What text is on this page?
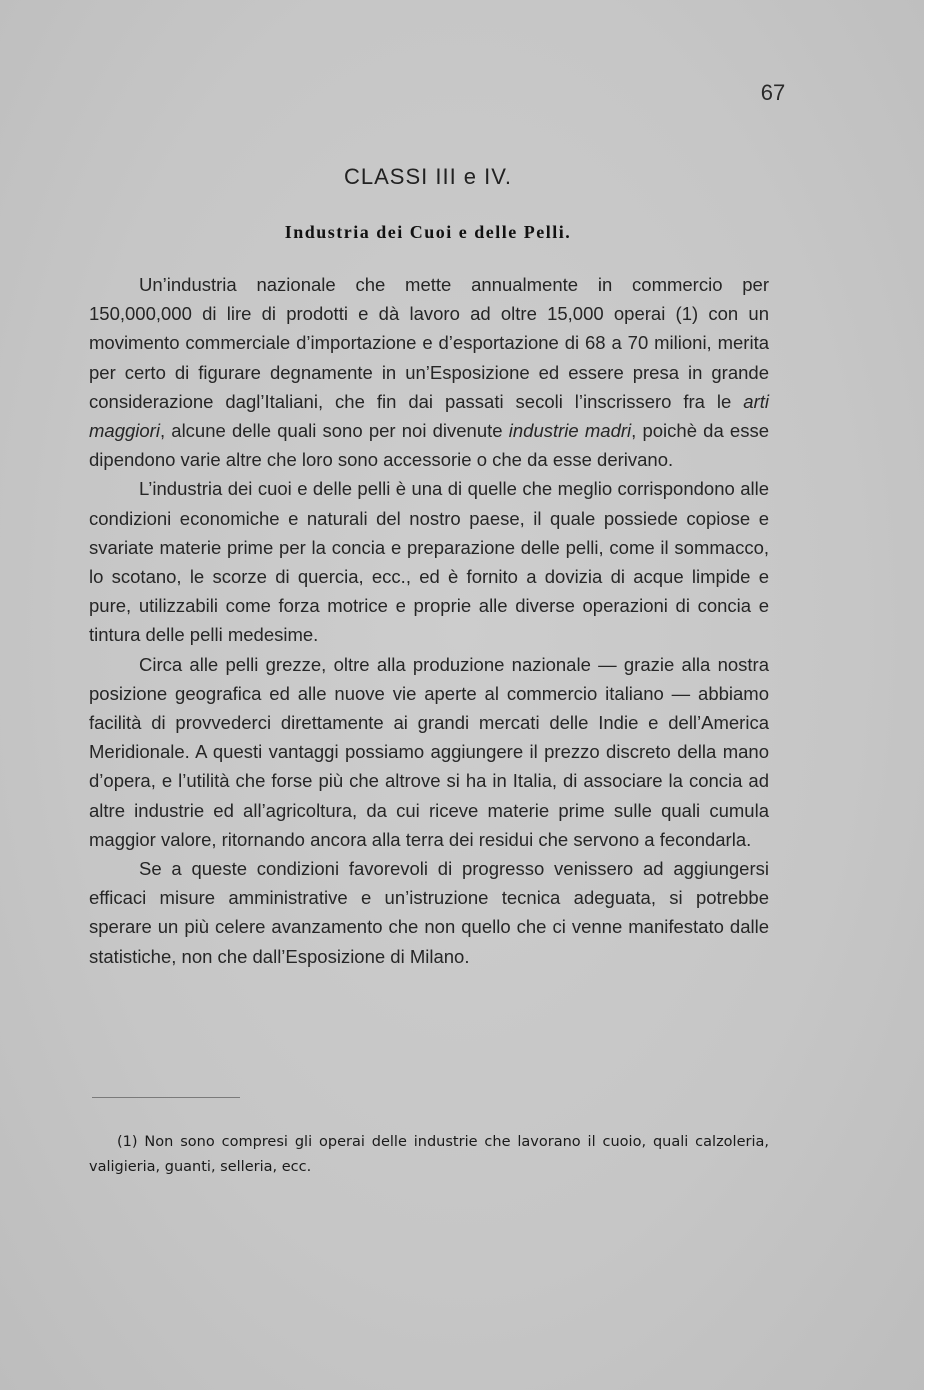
67
CLASSI III e IV.
Industria dei Cuoi e delle Pelli.

Un’industria nazionale che mette annualmente in commercio per 150,000,000 di lire di prodotti e dà lavoro ad oltre 15,000 operai (1) con un movimento commerciale d’importazione e d’esportazione di 68 a 70 milioni, merita per certo di figurare degnamente in un’Esposizione ed essere presa in grande considerazione dagl’Italiani, che fin dai passati secoli l’inscrissero fra le arti maggiori, alcune delle quali sono per noi divenute industrie madri, poichè da esse dipendono varie altre che loro sono accessorie o che da esse derivano.

L’industria dei cuoi e delle pelli è una di quelle che meglio corrispondono alle condizioni economiche e naturali del nostro paese, il quale possiede copiose e svariate materie prime per la concia e preparazione delle pelli, come il sommacco, lo scotano, le scorze di quercia, ecc., ed è fornito a dovizia di acque limpide e pure, utilizzabili come forza motrice e proprie alle diverse operazioni di concia e tintura delle pelli medesime.

Circa alle pelli grezze, oltre alla produzione nazionale — grazie alla nostra posizione geografica ed alle nuove vie aperte al commercio italiano — abbiamo facilità di provvederci direttamente ai grandi mercati delle Indie e dell’America Meridionale. A questi vantaggi possiamo aggiungere il prezzo discreto della mano d’opera, e l’utilità che forse più che altrove si ha in Italia, di associare la concia ad altre industrie ed all’agricoltura, da cui riceve materie prime sulle quali cumula maggior valore, ritornando ancora alla terra dei residui che servono a fecondarla.

Se a queste condizioni favorevoli di progresso venissero ad aggiungersi efficaci misure amministrative e un’istruzione tecnica adeguata, si potrebbe sperare un più celere avanzamento che non quello che ci venne manifestato dalle statistiche, non che dall’Esposizione di Milano.

(1) Non sono compresi gli operai delle industrie che lavorano il cuoio, quali calzoleria, valigieria, guanti, selleria, ecc.
